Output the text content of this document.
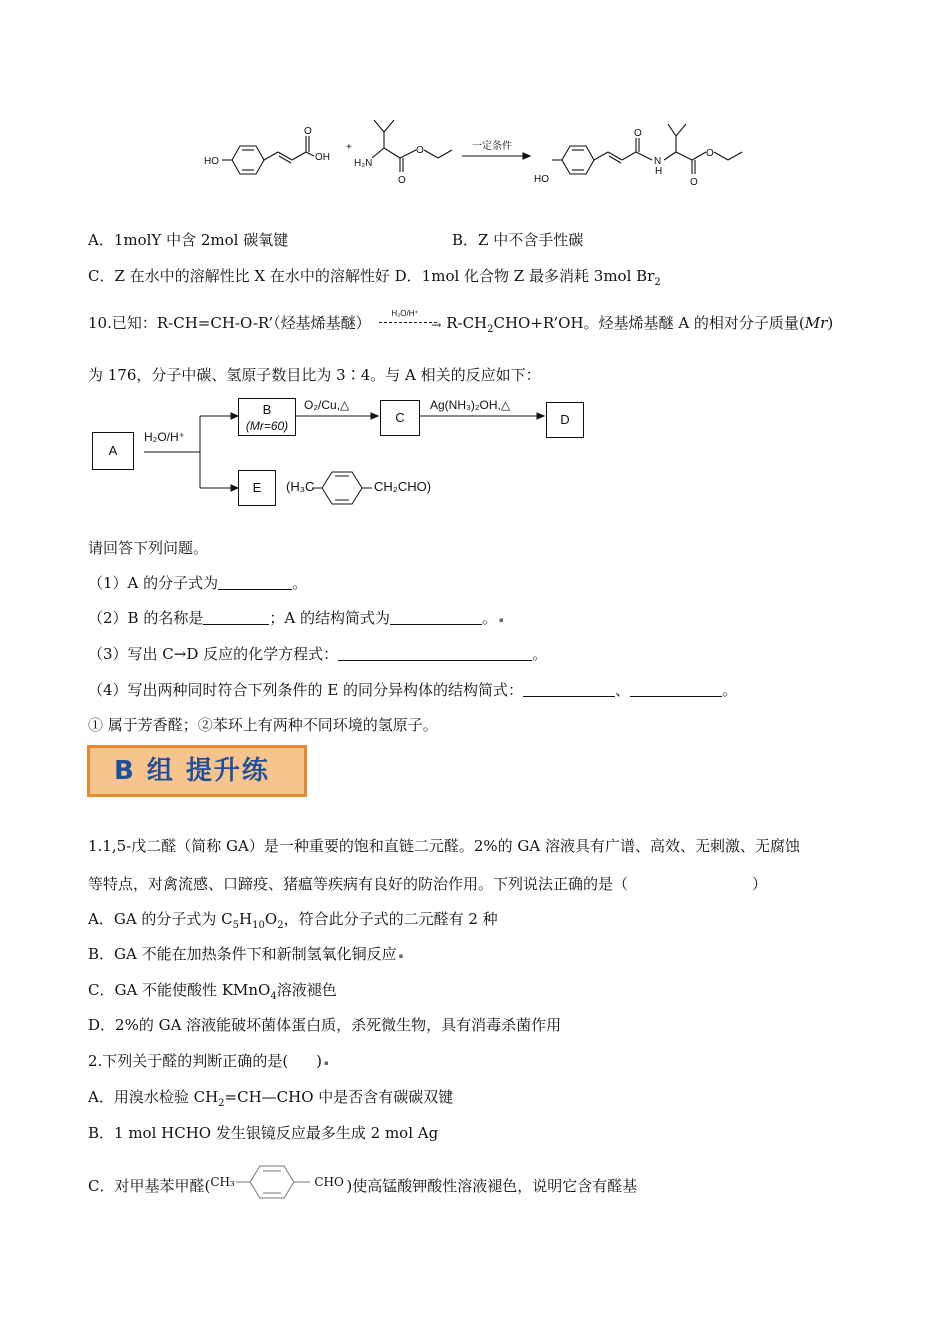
HO	OH
O
+
H₂N
O
O	一定条件
HO
O
N
H
O
O
A．1molY 中含 2mol 碳氧键	B．Z 中不含手性碳
C．Z 在水中的溶解性比 X 在水中的溶解性好 D．1mol 化合物 Z 最多消耗 3mol $Br_2$
10.已知：R-CH=CH-O-R’（烃基烯基醚）
H₂O/H⁺
→ $R-CH_2CHO+R’OH$。烃基烯基醚 A 的相对分子质量(Mr)
为 176，分子中碳、氢原子数目比为 3∶4。与 A 相关的反应如下：
A
H₂O/H⁺
B
(Mr=60)
O₂/Cu,△
C
Ag(NH₃)₂OH,△
D
E	(H₃C	CH₂CHO)
请回答下列问题。
（1）A 的分子式为	。
（2）B 的名称是	；A 的结构简式为	。 ▪
（3）写出 C→D 反应的化学方程式：	。
（4）写出两种同时符合下列条件的 E 的同分异构体的结构简式：	、	。
① 属于芳香醛；②苯环上有两种不同环境的氢原子。
B 组 提升练
1.1,5-戊二醛（简称 GA）是一种重要的饱和直链二元醛。2%的 GA 溶液具有广谱、高效、无刺激、无腐蚀
等特点，对禽流感、口蹄疫、猪瘟等疾病有良好的防治作用。下列说法正确的是（	）
A．GA 的分子式为 $C_5H_{10}O_2$，符合此分子式的二元醛有 2 种
B．GA 不能在加热条件下和新制氢氧化铜反应 ▪
C．GA 不能使酸性 KMnO$_4$溶液褪色
D．2%的 GA 溶液能破坏菌体蛋白质，杀死微生物，具有消毒杀菌作用
2.下列关于醛的判断正确的是( ) ▪
A．用溴水检验 $CH_2=CH—CHO$ 中是否含有碳碳双键
B．1 mol HCHO 发生银镜反应最多生成 2 mol Ag
C．对甲基苯甲醛( CH₃	CHO )使高锰酸钾酸性溶液褪色，说明它含有醛基
